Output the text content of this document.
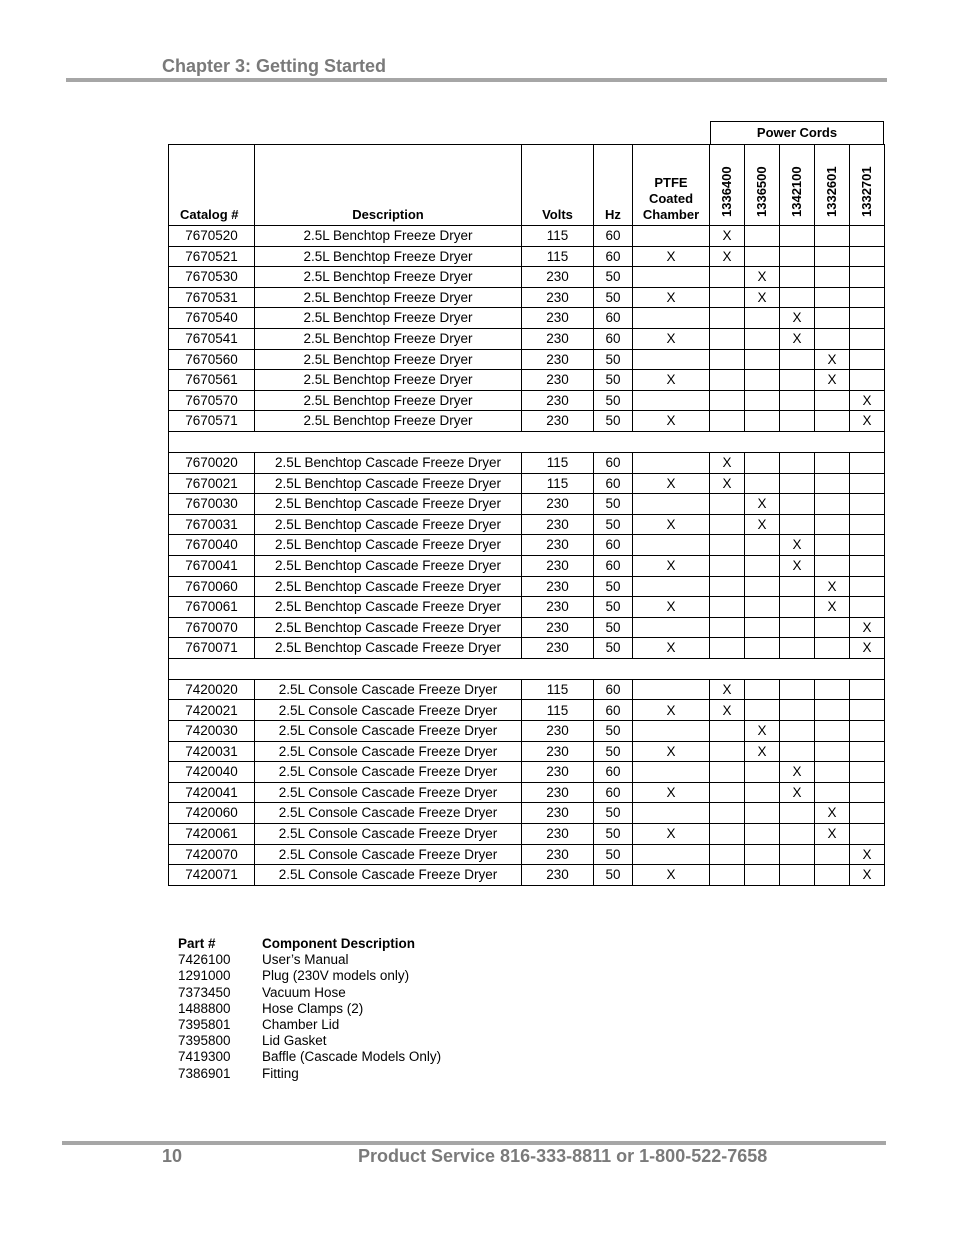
Chapter 3: Getting Started
Power Cords
Catalog #	Description	Volts	Hz	PTFE
Coated
Chamber	1336400	1336500	1342100	1332601	1332701

7670520	2.5L Benchtop Freeze Dryer	115	60		X				
7670521	2.5L Benchtop Freeze Dryer	115	60	X	X				
7670530	2.5L Benchtop Freeze Dryer	230	50			X			
7670531	2.5L Benchtop Freeze Dryer	230	50	X		X			
7670540	2.5L Benchtop Freeze Dryer	230	60				X		
7670541	2.5L Benchtop Freeze Dryer	230	60	X			X		
7670560	2.5L Benchtop Freeze Dryer	230	50					X	
7670561	2.5L Benchtop Freeze Dryer	230	50	X				X	
7670570	2.5L Benchtop Freeze Dryer	230	50						X
7670571	2.5L Benchtop Freeze Dryer	230	50	X					X

7670020	2.5L Benchtop Cascade Freeze Dryer	115	60		X				
7670021	2.5L Benchtop Cascade Freeze Dryer	115	60	X	X				
7670030	2.5L Benchtop Cascade Freeze Dryer	230	50			X			
7670031	2.5L Benchtop Cascade Freeze Dryer	230	50	X		X			
7670040	2.5L Benchtop Cascade Freeze Dryer	230	60				X		
7670041	2.5L Benchtop Cascade Freeze Dryer	230	60	X			X		
7670060	2.5L Benchtop Cascade Freeze Dryer	230	50					X	
7670061	2.5L Benchtop Cascade Freeze Dryer	230	50	X				X	
7670070	2.5L Benchtop Cascade Freeze Dryer	230	50						X
7670071	2.5L Benchtop Cascade Freeze Dryer	230	50	X					X

7420020	2.5L Console Cascade Freeze Dryer	115	60		X				
7420021	2.5L Console Cascade Freeze Dryer	115	60	X	X				
7420030	2.5L Console Cascade Freeze Dryer	230	50			X			
7420031	2.5L Console Cascade Freeze Dryer	230	50	X		X			
7420040	2.5L Console Cascade Freeze Dryer	230	60				X		
7420041	2.5L Console Cascade Freeze Dryer	230	60	X			X		
7420060	2.5L Console Cascade Freeze Dryer	230	50					X	
7420061	2.5L Console Cascade Freeze Dryer	230	50	X				X	
7420070	2.5L Console Cascade Freeze Dryer	230	50						X
7420071	2.5L Console Cascade Freeze Dryer	230	50	X					X
Part #	Component Description
7426100	User’s Manual
1291000	Plug (230V models only)
7373450	Vacuum Hose
1488800	Hose Clamps (2)
7395801	Chamber Lid
7395800	Lid Gasket
7419300	Baffle (Cascade Models Only)
7386901	Fitting
10	Product Service 816-333-8811 or 1-800-522-7658
